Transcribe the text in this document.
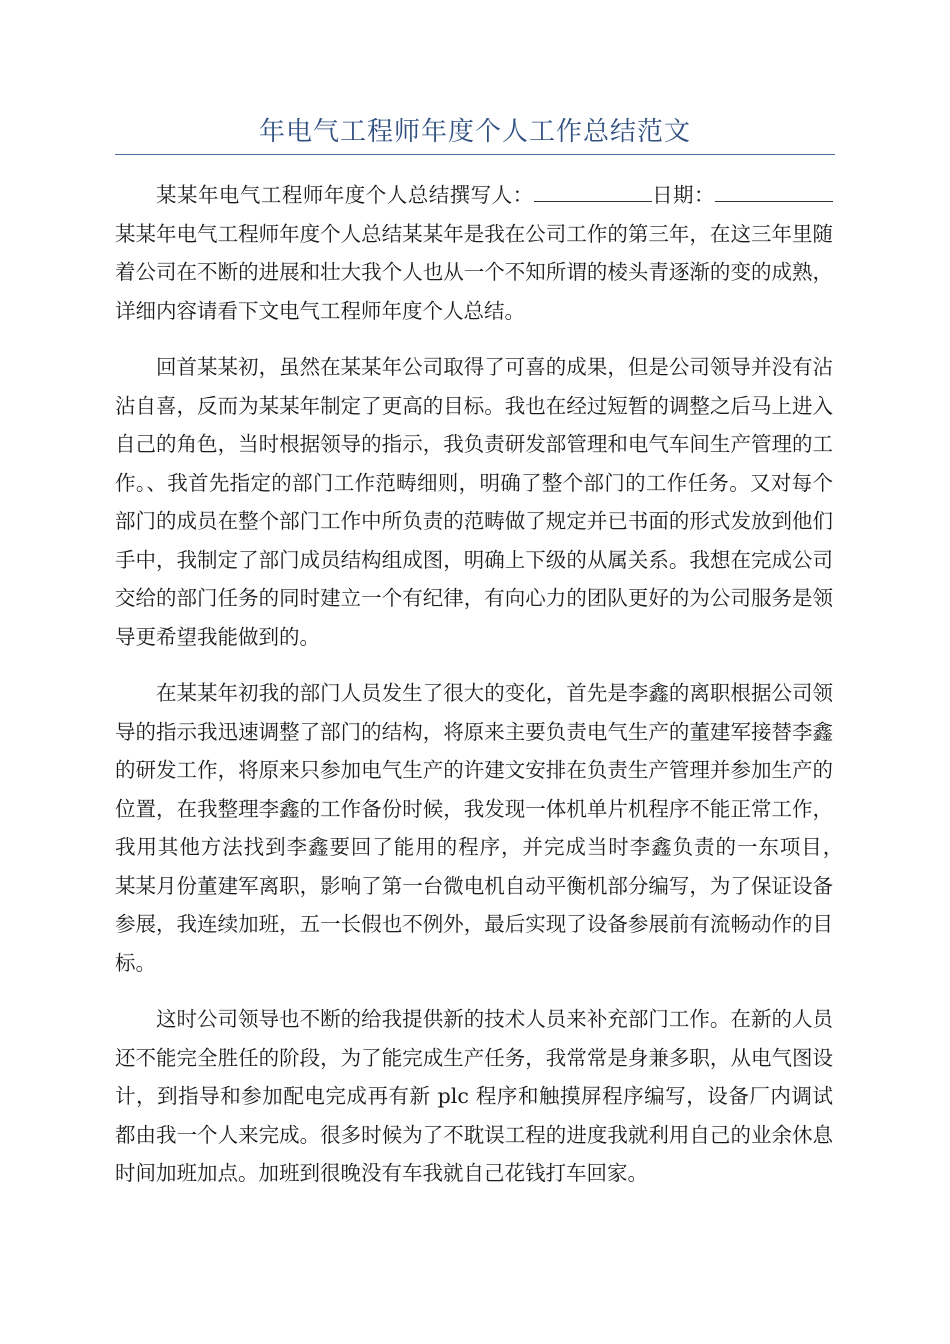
年电气工程师年度个人工作总结范文

某某年电气工程师年度个人总结撰写人：	日期：某某年电气工程师年度个人总结某某年是我在公司工作的第三年，在这三年里随着公司在不断的进展和壮大我个人也从一个不知所谓的棱头青逐渐的变的成熟，详细内容请看下文电气工程师年度个人总结。

回首某某初，虽然在某某年公司取得了可喜的成果，但是公司领导并没有沾沾自喜，反而为某某年制定了更高的目标。我也在经过短暂的调整之后马上进入自己的角色，当时根据领导的指示，我负责研发部管理和电气车间生产管理的工作。、我首先指定的部门工作范畴细则，明确了整个部门的工作任务。又对每个部门的成员在整个部门工作中所负责的范畴做了规定并已书面的形式发放到他们手中，我制定了部门成员结构组成图，明确上下级的从属关系。我想在完成公司交给的部门任务的同时建立一个有纪律，有向心力的团队更好的为公司服务是领导更希望我能做到的。

在某某年初我的部门人员发生了很大的变化，首先是李鑫的离职根据公司领导的指示我迅速调整了部门的结构，将原来主要负责电气生产的董建军接替李鑫的研发工作，将原来只参加电气生产的许建文安排在负责生产管理并参加生产的位置，在我整理李鑫的工作备份时候，我发现一体机单片机程序不能正常工作，我用其他方法找到李鑫要回了能用的程序，并完成当时李鑫负责的一东项目，　某某月份董建军离职，影响了第一台微电机自动平衡机部分编写，为了保证设备参展，我连续加班，五一长假也不例外，最后实现了设备参展前有流畅动作的目标。

这时公司领导也不断的给我提供新的技术人员来补充部门工作。在新的人员还不能完全胜任的阶段，为了能完成生产任务，我常常是身兼多职，从电气图设计，到指导和参加配电完成再有新 plc 程序和触摸屏程序编写，设备厂内调试都由我一个人来完成。很多时候为了不耽误工程的进度我就利用自己的业余休息时间加班加点。加班到很晚没有车我就自己花钱打车回家。
